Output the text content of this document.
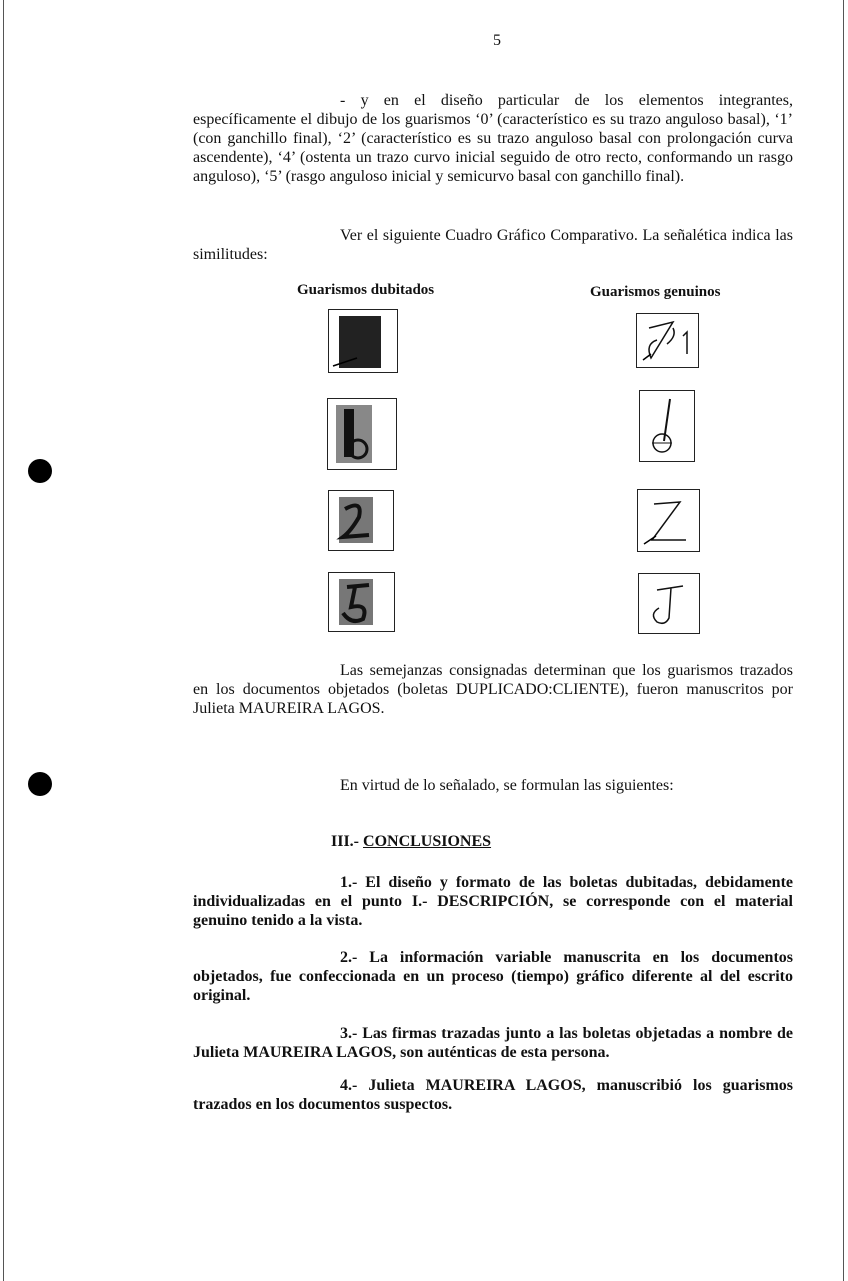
5
- y en el diseño particular de los elementos integrantes, específicamente el dibujo de los guarismos ‘0’ (característico es su trazo anguloso basal), ‘1’ (con ganchillo final), ‘2’ (característico es su trazo anguloso basal con prolongación curva ascendente), ‘4’ (ostenta un trazo curvo inicial seguido de otro recto, conformando un rasgo anguloso), ‘5’ (rasgo anguloso inicial y semicurvo basal con ganchillo final).
Ver el siguiente Cuadro Gráfico Comparativo. La señalética indica las similitudes:
Guarismos dubitados	Guarismos genuinos
Las semejanzas consignadas determinan que los guarismos trazados en los documentos objetados (boletas DUPLICADO:CLIENTE), fueron manuscritos por Julieta MAUREIRA LAGOS.
En virtud de lo señalado, se formulan las siguientes:
III.- CONCLUSIONES
1.- El diseño y formato de las boletas dubitadas, debidamente individualizadas en el punto I.- DESCRIPCIÓN, se corresponde con el material genuino tenido a la vista.
2.- La información variable manuscrita en los documentos objetados, fue confeccionada en un proceso (tiempo) gráfico diferente al del escrito original.
3.- Las firmas trazadas junto a las boletas objetadas a nombre de Julieta MAUREIRA LAGOS, son auténticas de esta persona.
4.- Julieta MAUREIRA LAGOS, manuscribió los guarismos trazados en los documentos suspectos.
